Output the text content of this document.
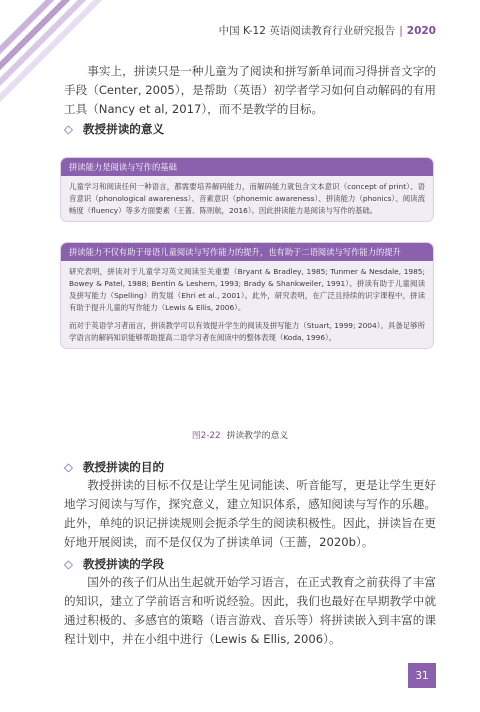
中国 K-12 英语阅读教育行业研究报告 | 2020

事实上，拼读只是一种儿童为了阅读和拼写新单词而习得拼音文字的手段（Center, 2005），是帮助（英语）初学者学习如何自动解码的有用工具（Nancy et al, 2017），而不是教学的目标。

◇ 教授拼读的意义
拼读能力是阅读与写作的基础

儿童学习和阅读任何一种语言，都需要培养解码能力，而解码能力就包含文本意识（concept of print）、语音意识（phonological awareness）、音素意识（phonemic awareness）、拼读能力（phonics）、阅读流畅度（fluency）等多方面要素（王蔷、陈则航，2016）。因此拼读能力是阅读与写作的基础。

拼读能力不仅有助于母语儿童阅读与写作能力的提升，也有助于二语阅读与写作能力的提升

研究表明，拼读对于儿童学习英文阅读至关重要（Bryant & Bradley, 1985; Tunmer & Nesdale, 1985; Bowey & Patel, 1988; Bentin & Leshem, 1993; Brady & Shankweiler, 1991）。拼读有助于儿童阅读及拼写能力（Spelling）的发展（Ehri et al., 2001）。此外，研究表明，在广泛且持续的识字课程中，拼读有助于提升儿童的写作能力（Lewis & Ellis, 2006）。

而对于英语学习者而言，拼读教学可以有效提升学生的阅读及拼写能力（Stuart, 1999; 2004）。具备足够所学语言的解码知识能够帮助提高二语学习者在阅读中的整体表现（Koda, 1996）。

图2-22 拼读教学的意义
◇ 教授拼读的目的

教授拼读的目标不仅是让学生见词能读、听音能写，更是让学生更好地学习阅读与写作，探究意义，建立知识体系，感知阅读与写作的乐趣。此外，单纯的识记拼读规则会扼杀学生的阅读积极性。因此，拼读旨在更好地开展阅读，而不是仅仅为了拼读单词（王蔷，2020b）。

◇ 教授拼读的学段

国外的孩子们从出生起就开始学习语言，在正式教育之前获得了丰富的知识，建立了学前语言和听说经验。因此，我们也最好在早期教学中就通过积极的、多感官的策略（语言游戏、音乐等）将拼读嵌入到丰富的课程计划中，并在小组中进行（Lewis & Ellis, 2006）。

31
